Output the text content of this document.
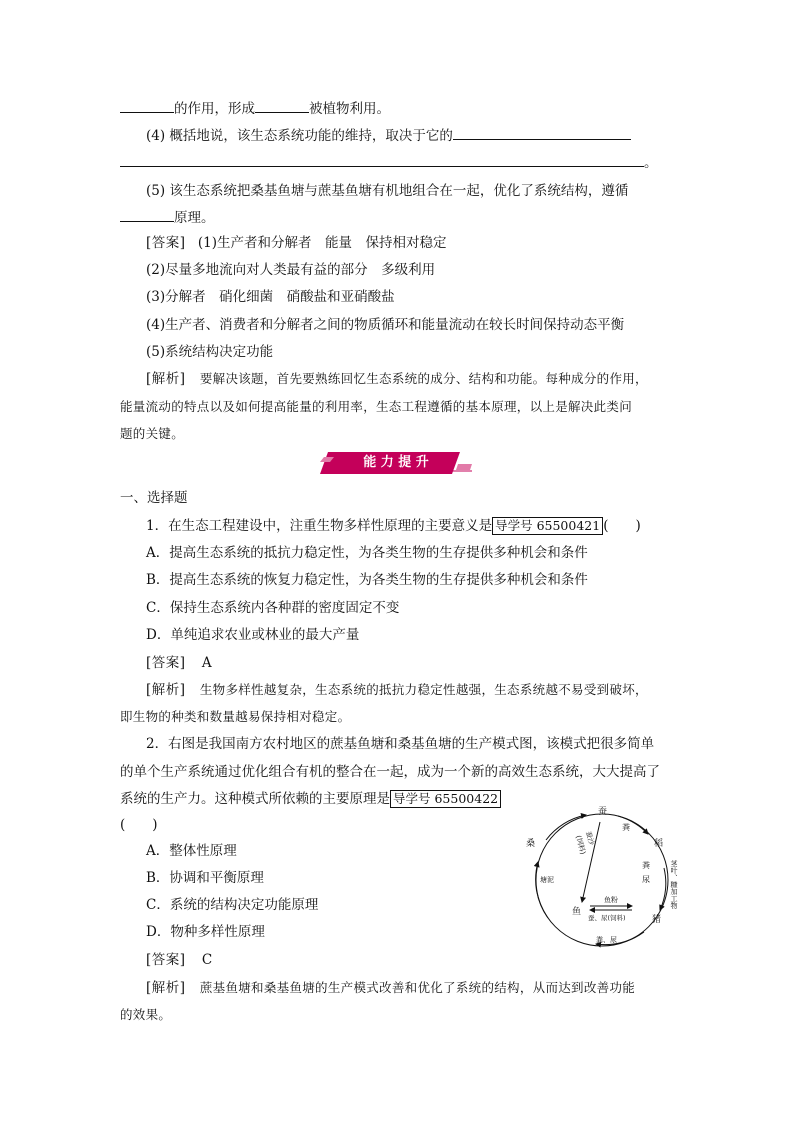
的作用，形成	被植物利用。
(4) 概括地说，该生态系统功能的维持，取决于它的
。
(5) 该生态系统把桑基鱼塘与蔗基鱼塘有机地组合在一起，优化了系统结构，遵循
原理。
[答案] (1)生产者和分解者　能量　保持相对稳定
(2)尽量多地流向对人类最有益的部分　多级利用
(3)分解者　硝化细菌　硝酸盐和亚硝酸盐
(4)生产者、消费者和分解者之间的物质循环和能量流动在较长时间保持动态平衡
(5)系统结构决定功能
[解析] 要解决该题，首先要熟练回忆生态系统的成分、结构和功能。每种成分的作用，
能量流动的特点以及如何提高能量的利用率，生态工程遵循的基本原理，以上是解决此类问
题的关键。
能 力 提 升
一、选择题
1．在生态工程建设中，注重生物多样性原理的主要意义是 导学号 65500421 (　　)
A．提高生态系统的抵抗力稳定性，为各类生物的生存提供多种机会和条件
B．提高生态系统的恢复力稳定性，为各类生物的生存提供多种机会和条件
C．保持生态系统内各种群的密度固定不变
D．单纯追求农业或林业的最大产量
[答案] A
[解析] 生物多样性越复杂，生态系统的抵抗力稳定性越强，生态系统越不易受到破坏，
即生物的种类和数量越易保持相对稳定。
2．右图是我国南方农村地区的蔗基鱼塘和桑基鱼塘的生产模式图，该模式把很多简单
的单个生产系统通过优化组合有机的整合在一起，成为一个新的高效生态系统，大大提高了
系统的生产力。这种模式所依赖的主要原理是 导学号 65500422
(　　)
A．整体性原理
B．协调和平衡原理
C．系统的结构决定功能原理
D．物种多样性原理
[答案] C
[解析] 蔗基鱼塘和桑基鱼塘的生产模式改善和优化了系统的结构，从而达到改善功能
的效果。
蚕
桑	稻
鱼
猪
粪
粪
尿
蚕沙
(饲料)
塘泥
鱼粉
蚕、尿(饲料)
粪、尿
茎叶、糠加工物
